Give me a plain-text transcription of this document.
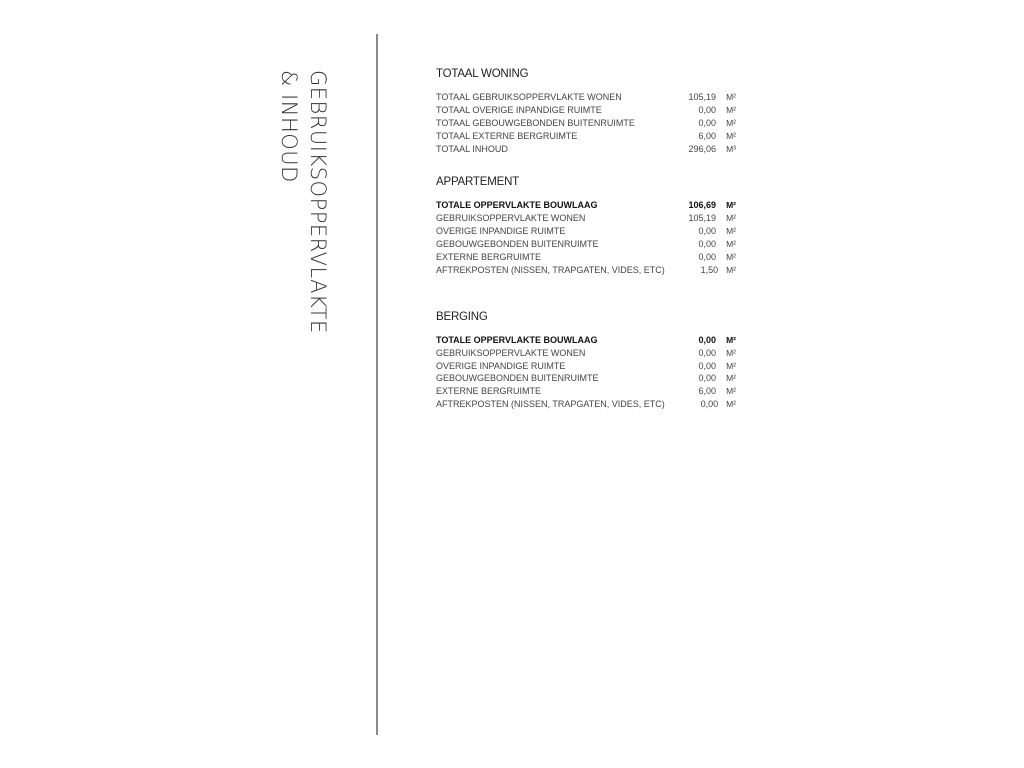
GEBRUIKSOPPERVLAKTE
& INHOUD	TOTAAL WONING
TOTAAL GEBRUIKSOPPERVLAKTE WONEN	105,19	M²
TOTAAL OVERIGE INPANDIGE RUIMTE	0,00	M²
TOTAAL GEBOUWGEBONDEN BUITENRUIMTE	0,00	M²
TOTAAL EXTERNE BERGRUIMTE	6,00	M²
TOTAAL INHOUD	296,06	M³
APPARTEMENT
TOTALE OPPERVLAKTE BOUWLAAG	106,69	M²
GEBRUIKSOPPERVLAKTE WONEN	105,19	M²
OVERIGE INPANDIGE RUIMTE	0,00	M²
GEBOUWGEBONDEN BUITENRUIMTE	0,00	M²
EXTERNE BERGRUIMTE	0,00	M²
AFTREKPOSTEN (NISSEN, TRAPGATEN, VIDES, ETC)	1,50 M²
BERGING
TOTALE OPPERVLAKTE BOUWLAAG	0,00	M²
GEBRUIKSOPPERVLAKTE WONEN	0,00	M²
OVERIGE INPANDIGE RUIMTE	0,00	M²
GEBOUWGEBONDEN BUITENRUIMTE	0,00	M²
EXTERNE BERGRUIMTE	6,00	M²
AFTREKPOSTEN (NISSEN, TRAPGATEN, VIDES, ETC)	0,00 M²
